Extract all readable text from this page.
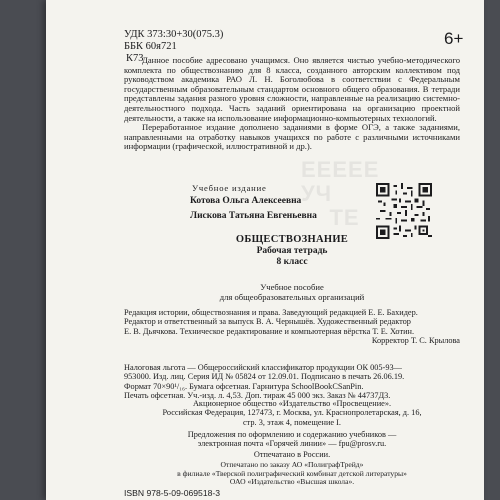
ЕЕЕЕЕ
УЧ
ТЕ
УДК 373:30+30(075.3)
ББК 60я721
К73
6+

Данное пособие адресовано учащимся. Оно является чистью учебно-методического комплекта по обществознанию для 8 класса, созданного авторским коллективом под руководством академика РАО Л. Н. Боголюбова в соответствии с Федеральным государственным образовательным стандартом основного общего образования. В тетради представлены задания разного уровня сложности, направленные на реализацию системно-деятельностного подхода. Часть заданий ориентирована на организацию проектной деятельности, а также на использование информационно-компьютерных технологий.

Переработанное издание дополнено заданиями в форме ОГЭ, а также заданиями, направленными на отработку навыков учащихся по работе с различными источниками информации (графической, иллюстративной и др.).

Учебное издание
Котова Ольга Алексеевна
Лискова Татьяна Евгеньевна
ОБЩЕСТВОЗНАНИЕ
Рабочая тетрадь
8 класс
Учебное пособие
для общеобразовательных организаций
Редакция истории, обществознания и права. Заведующий редакцией Е. Е. Бахидер.
Редактор и ответственный за выпуск В. А. Чернышёв. Художественный редактор
Е. В. Дьячкова. Техническое редактирование и компьютерная вёрстка Т. Е. Хотин.
Корректор Т. С. Крылова
Налоговая льгота — Общероссийский классификатор продукции ОК 005-93—
953000. Изд. лиц. Серия ИД № 05824 от 12.09.01. Подписано в печать 26.06.19.
Формат 70×90¹/₁₆. Бумага офсетная. Гарнитура SchoolBookCSanPin.
Печать офсетная. Уч.-изд. л. 4,53. Доп. тираж 45 000 экз. Заказ № 44737Д3.
Акционерное общество «Издательство «Просвещение».
Российская Федерация, 127473, г. Москва, ул. Краснопролетарская, д. 16,
стр. 3, этаж 4, помещение I.
Предложения по оформлению и содержанию учебников —
электронная почта «Горячей линии» — fpu@prosv.ru.
Отпечатано в России.
Отпечатано по заказу АО «ПолиграфТрейд»
в филиале «Тверской полиграфический комбинат детской литературы»
ОАО «Издательство «Высшая школа».
ISBN 978-5-09-069518-3
